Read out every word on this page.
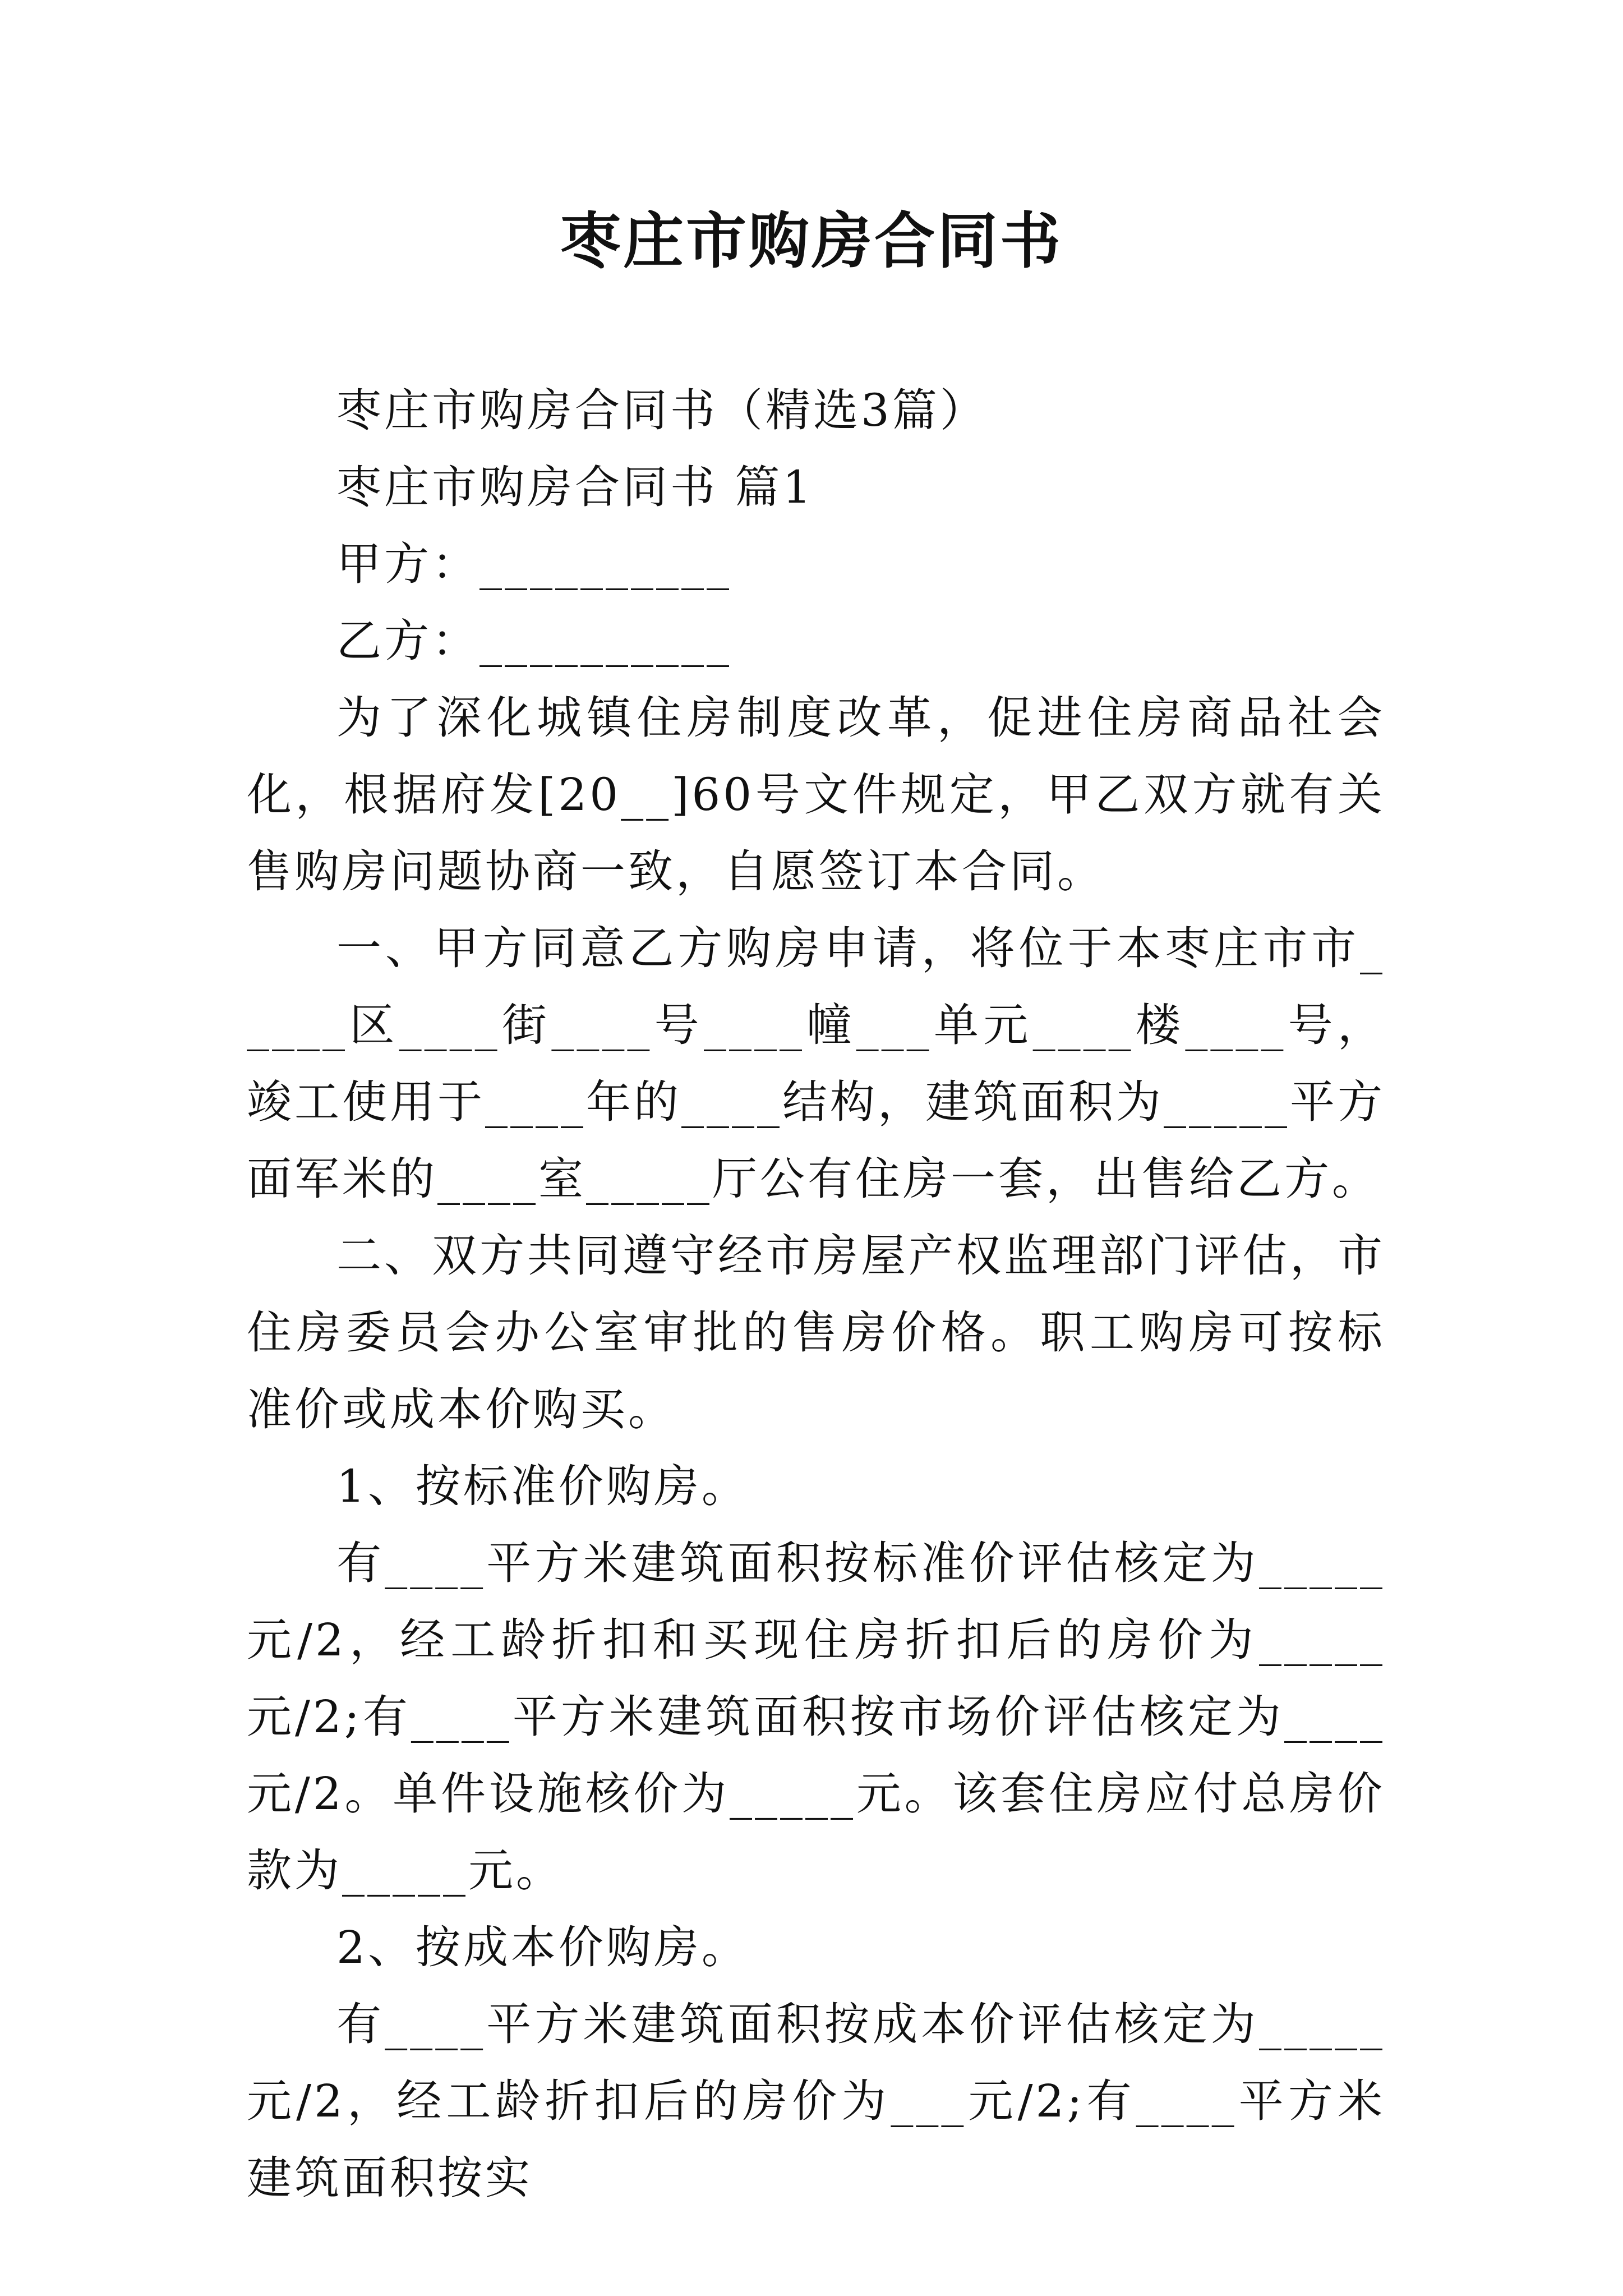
枣庄市购房合同书

枣庄市购房合同书（精选3篇）

枣庄市购房合同书 篇1

甲方：__________

乙方：__________

为了深化城镇住房制度改革，促进住房商品社会化，根据府发[20__]60号文件规定，甲乙双方就有关售购房问题协商一致，自愿签订本合同。

一、甲方同意乙方购房申请，将位于本枣庄市市_____区____街____号____幢___单元____楼____号，竣工使用于____年的____结构，建筑面积为_____平方面军米的____室_____厅公有住房一套，出售给乙方。

二、双方共同遵守经市房屋产权监理部门评估，市住房委员会办公室审批的售房价格。职工购房可按标准价或成本价购买。

1、按标准价购房。

有____平方米建筑面积按标准价评估核定为_____元/2，经工龄折扣和买现住房折扣后的房价为_____元/2;有____平方米建筑面积按市场价评估核定为____元/2。单件设施核价为_____元。该套住房应付总房价款为_____元。

2、按成本价购房。

有____平方米建筑面积按成本价评估核定为_____元/2，经工龄折扣后的房价为___元/2;有____平方米建筑面积按实
